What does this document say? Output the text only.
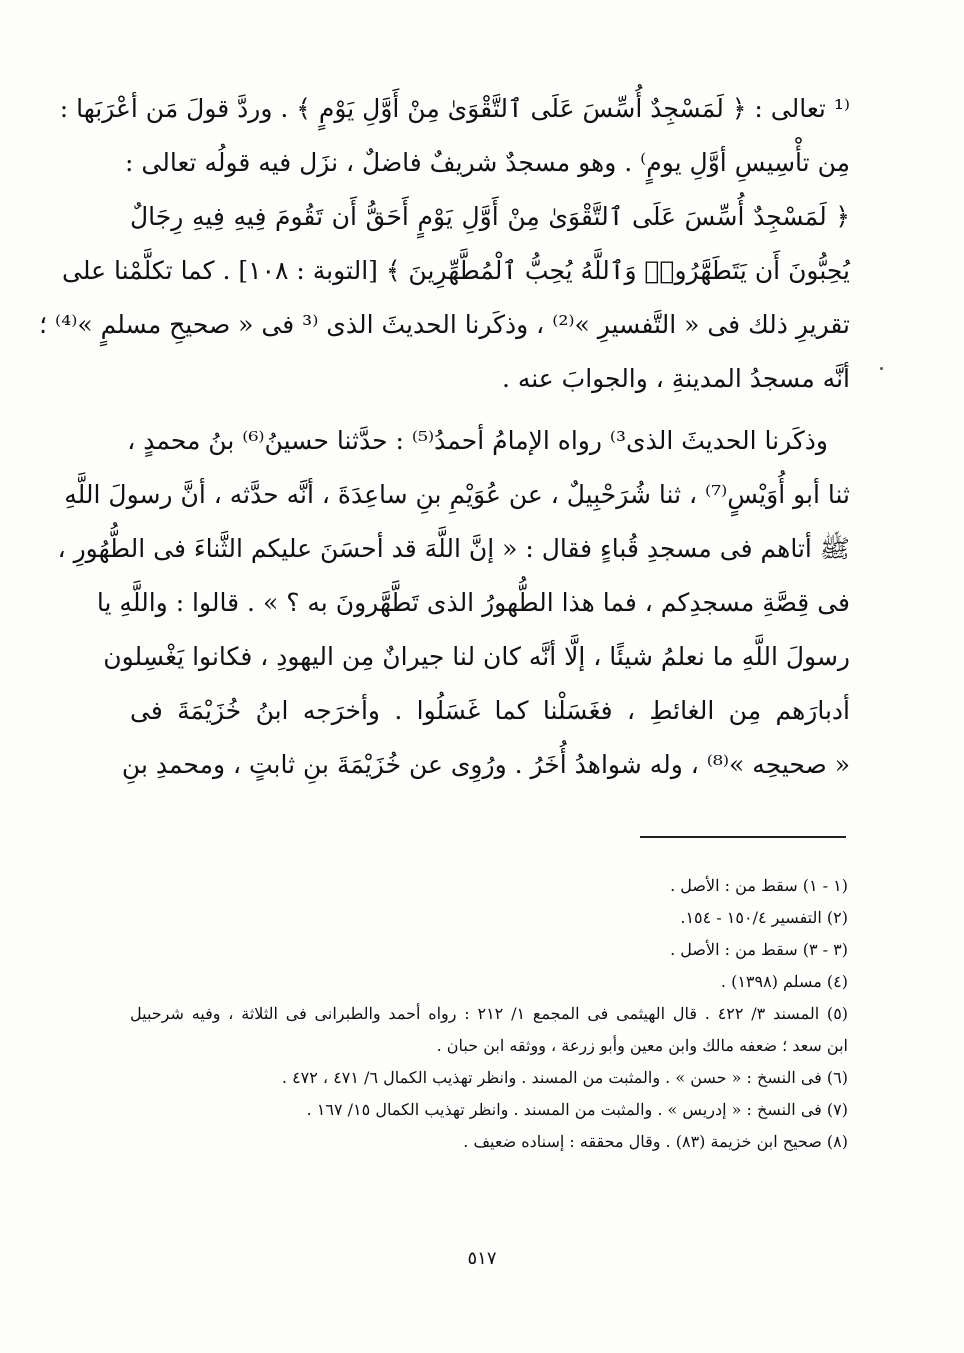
⁽¹ تعالى : ﴿ لَمَسْجِدٌ أُسِّسَ عَلَى ٱلتَّقْوَىٰ مِنْ أَوَّلِ يَوْمٍ ﴾ . وردَّ قولَ مَن أعْرَبَها :
مِن تأْسِيسِ أوَّلِ يومٍ⁾ . وهو مسجدٌ شريفٌ فاضلٌ ، نزَل فيه قولُه تعالى :
﴿ لَمَسْجِدٌ أُسِّسَ عَلَى ٱلتَّقْوَىٰ مِنْ أَوَّلِ يَوْمٍ أَحَقُّ أَن تَقُومَ فِيهِ فِيهِ رِجَالٌ
يُحِبُّونَ أَن يَتَطَهَّرُوا۟ وَٱللَّهُ يُحِبُّ ٱلْمُطَّهِّرِينَ ﴾ [التوبة : ١٠٨] . كما تكلَّمْنا على
تقريرِ ذلك فى « التَّفسيرِ »⁽²⁾ ، وذكَرنا الحديثَ الذى ⁽³ فى « صحيحِ مسلمٍ »⁽⁴⁾ ؛
أنَّه مسجدُ المدينةِ ، والجوابَ عنه .
وذكَرنا الحديثَ الذى³⁾ رواه الإمامُ أحمدُ⁽⁵⁾ : حدَّثنا حسينُ⁽⁶⁾ بنُ محمدٍ ،
ثنا أبو أُوَيْسٍ⁽⁷⁾ ، ثنا شُرَحْبِيلٌ ، عن عُوَيْمِ بنِ ساعِدَةَ ، أنَّه حدَّثه ، أنَّ رسولَ اللَّهِ
ﷺ أتاهم فى مسجدِ قُباءٍ فقال : « إنَّ اللَّهَ قد أحسَنَ عليكم الثَّناءَ فى الطُّهُورِ ،
فى قِصَّةِ مسجدِكم ، فما هذا الطُّهورُ الذى تَطَّهَّرونَ به ؟ » . قالوا : واللَّهِ يا
رسولَ اللَّهِ ما نعلمُ شيئًا ، إلَّا أنَّه كان لنا جيرانٌ مِن اليهودِ ، فكانوا يَغْسِلون
أدبارَهم مِن الغائطِ ، فغَسَلْنا كما غَسَلُوا . وأخرَجه ابنُ خُزَيْمَةَ فى
« صحيحِه »⁽⁸⁾ ، وله شواهدُ أُخَرُ . ورُوِى عن خُزَيْمَةَ بنِ ثابتٍ ، ومحمدِ بنِ
(١ - ١) سقط من : الأصل .
(٢) التفسير ١٥٠/٤ - ١٥٤.
(٣ - ٣) سقط من : الأصل .
(٤) مسلم (١٣٩٨) .
(٥) المسند ٣/ ٤٢٢ . قال الهيثمى فى المجمع ١/ ٢١٢ : رواه أحمد والطبرانى فى الثلاثة ، وفيه شرحبيل
ابن سعد ؛ ضعفه مالك وابن معين وأبو زرعة ، ووثقه ابن حبان .
(٦) فى النسخ : « حسن » . والمثبت من المسند . وانظر تهذيب الكمال ٦/ ٤٧١ ، ٤٧٢ .
(٧) فى النسخ : « إدريس » . والمثبت من المسند . وانظر تهذيب الكمال ١٥/ ١٦٧ .
(٨) صحيح ابن خزيمة (٨٣) . وقال محققه : إسناده ضعيف .
٥١٧
